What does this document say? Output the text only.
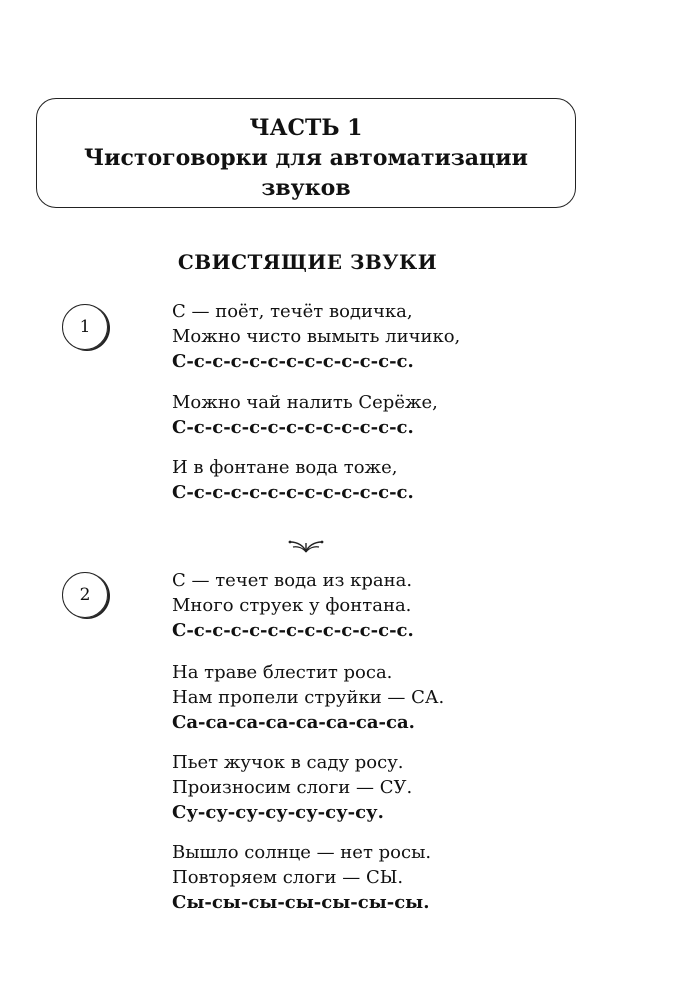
ЧАСТЬ 1
Чистоговорки для автоматизации
звуков
СВИСТЯЩИЕ ЗВУКИ
1
С — поёт, течёт водичка,
Можно чисто вымыть личико,
С-с-с-с-с-с-с-с-с-с-с-с-с.
Можно чай налить Серёже,
С-с-с-с-с-с-с-с-с-с-с-с-с.
И в фонтане вода тоже,
С-с-с-с-с-с-с-с-с-с-с-с-с.
2
С — течет вода из крана.
Много струек у фонтана.
С-с-с-с-с-с-с-с-с-с-с-с-с.
На траве блестит роса.
Нам пропели струйки — СА.
Са-са-са-са-са-са-са-са.
Пьет жучок в саду росу.
Произносим слоги — СУ.
Су-су-су-су-су-су-су.
Вышло солнце — нет росы.
Повторяем слоги — СЫ.
Сы-сы-сы-сы-сы-сы-сы.
